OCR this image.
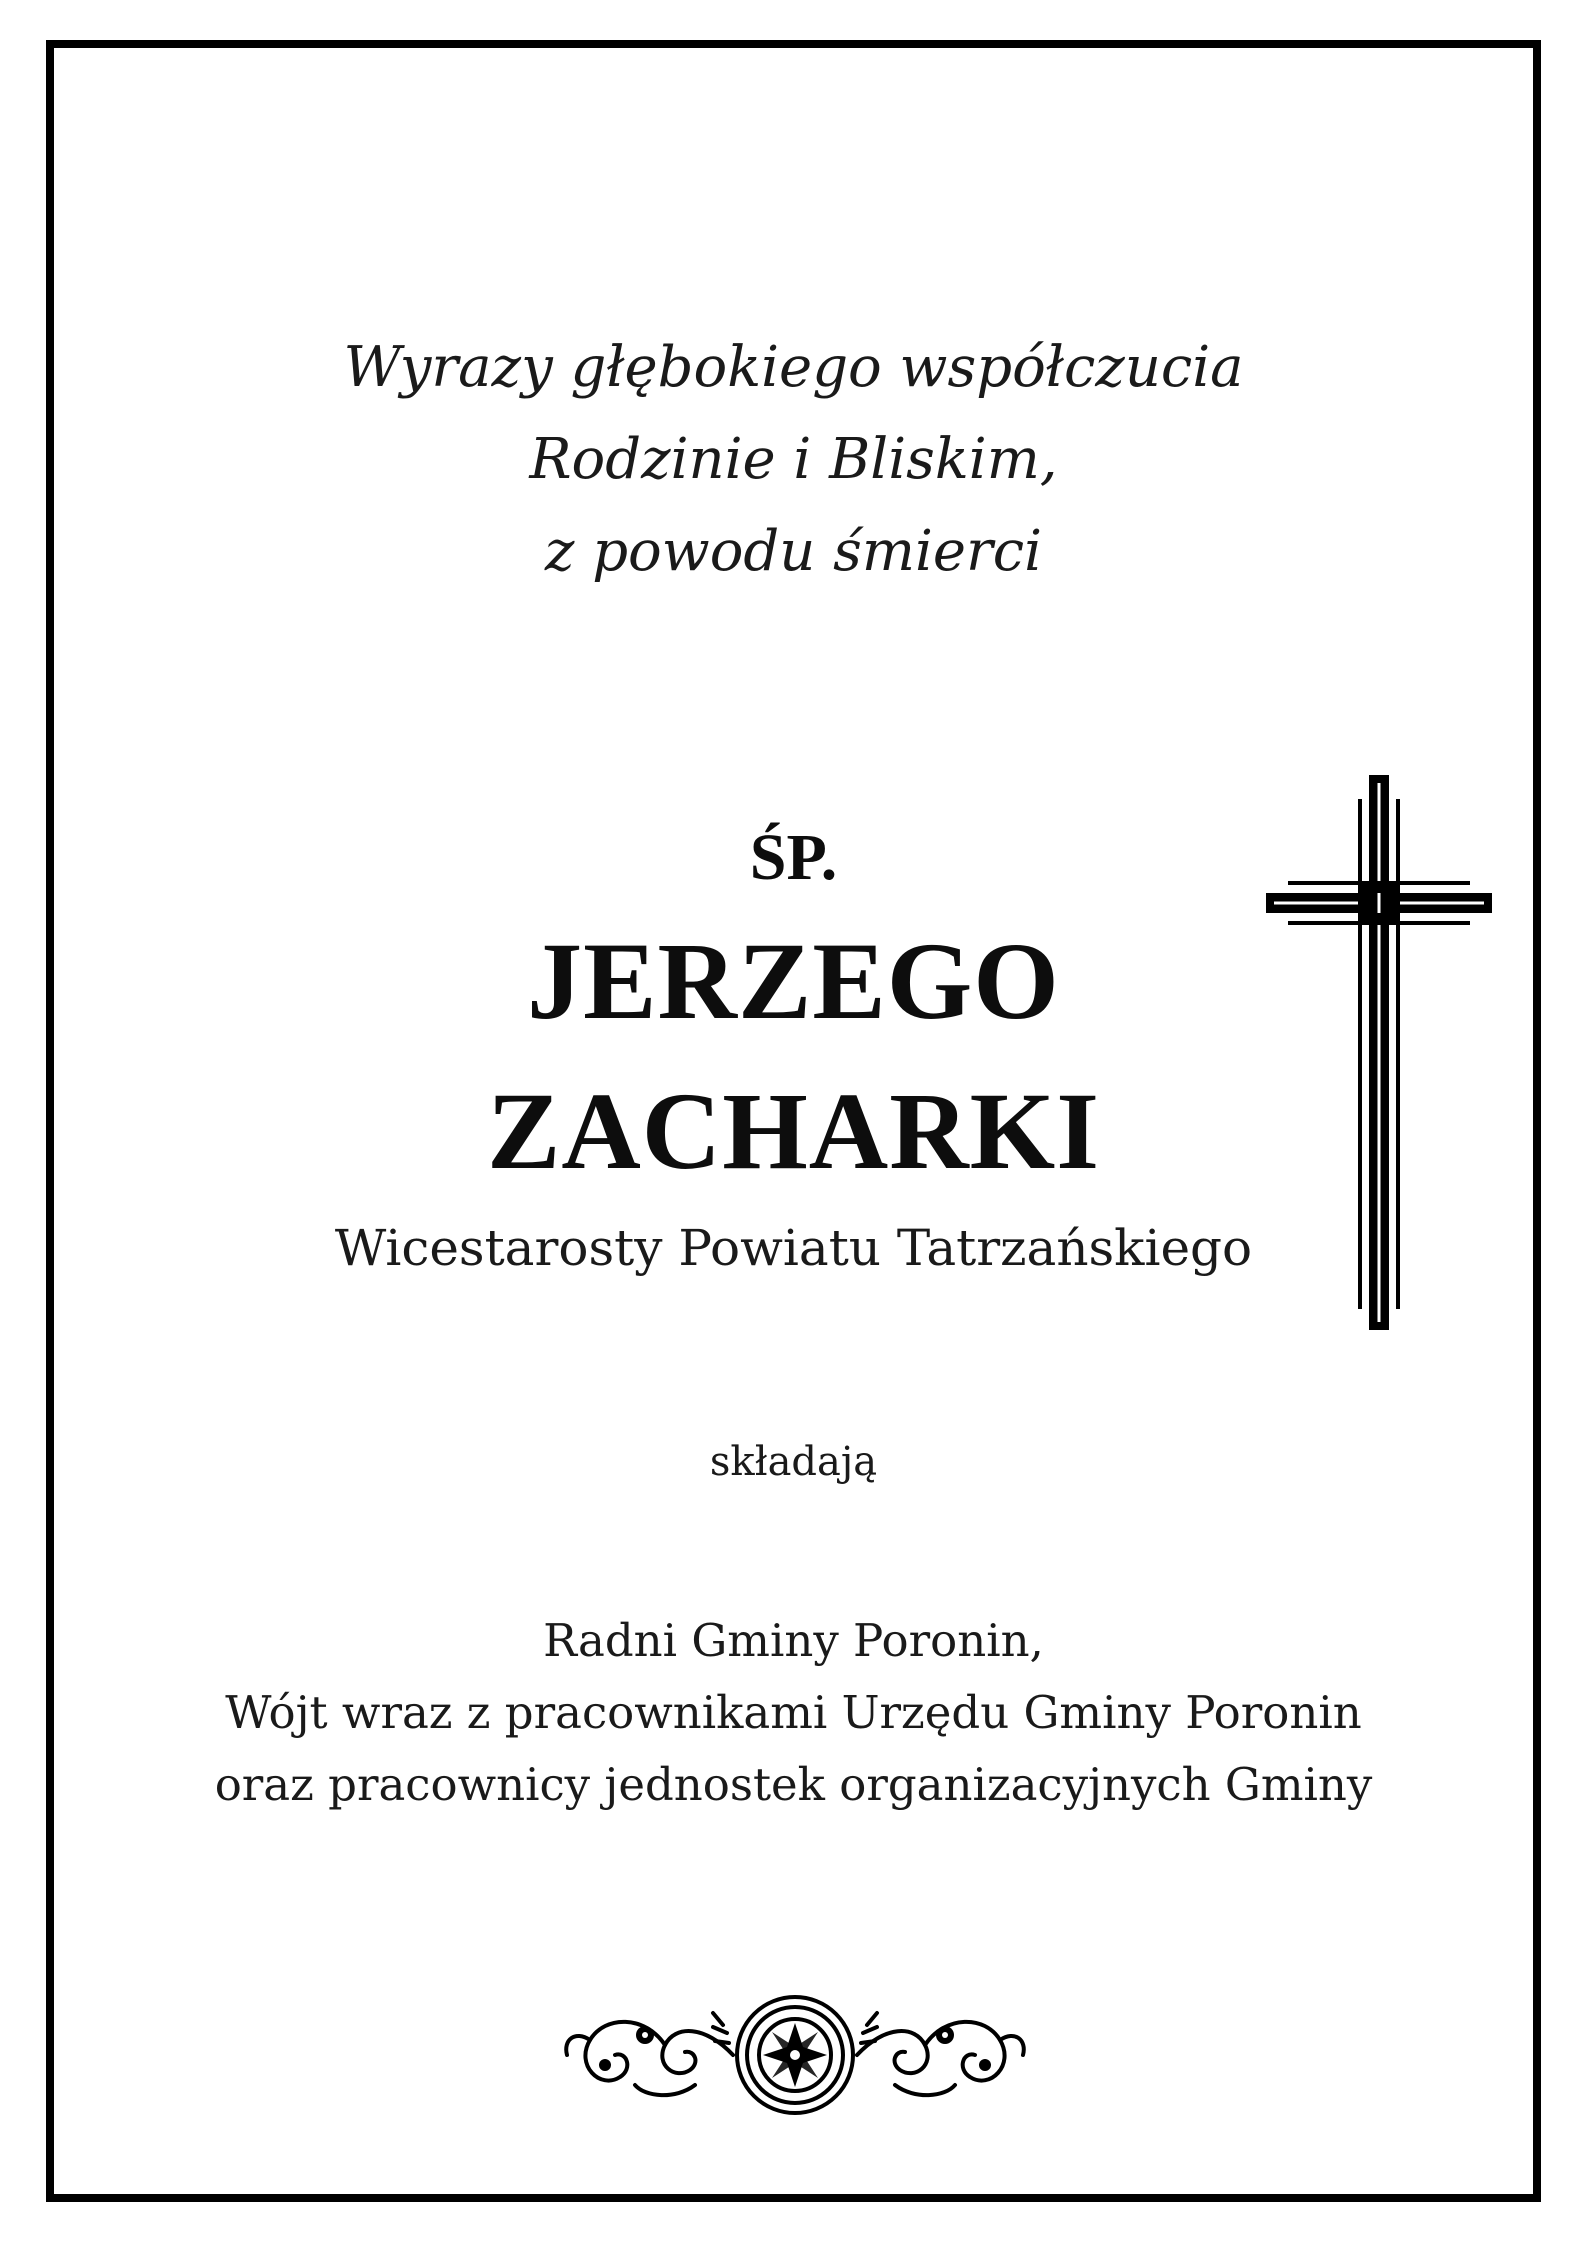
Wyrazy głębokiego współczucia
Rodzinie i Bliskim,
z powodu śmierci
ŚP.
JERZEGO
ZACHARKI
Wicestarosty Powiatu Tatrzańskiego
składają
Radni Gminy Poronin,
Wójt wraz z pracownikami Urzędu Gminy Poronin
oraz pracownicy jednostek organizacyjnych Gminy
